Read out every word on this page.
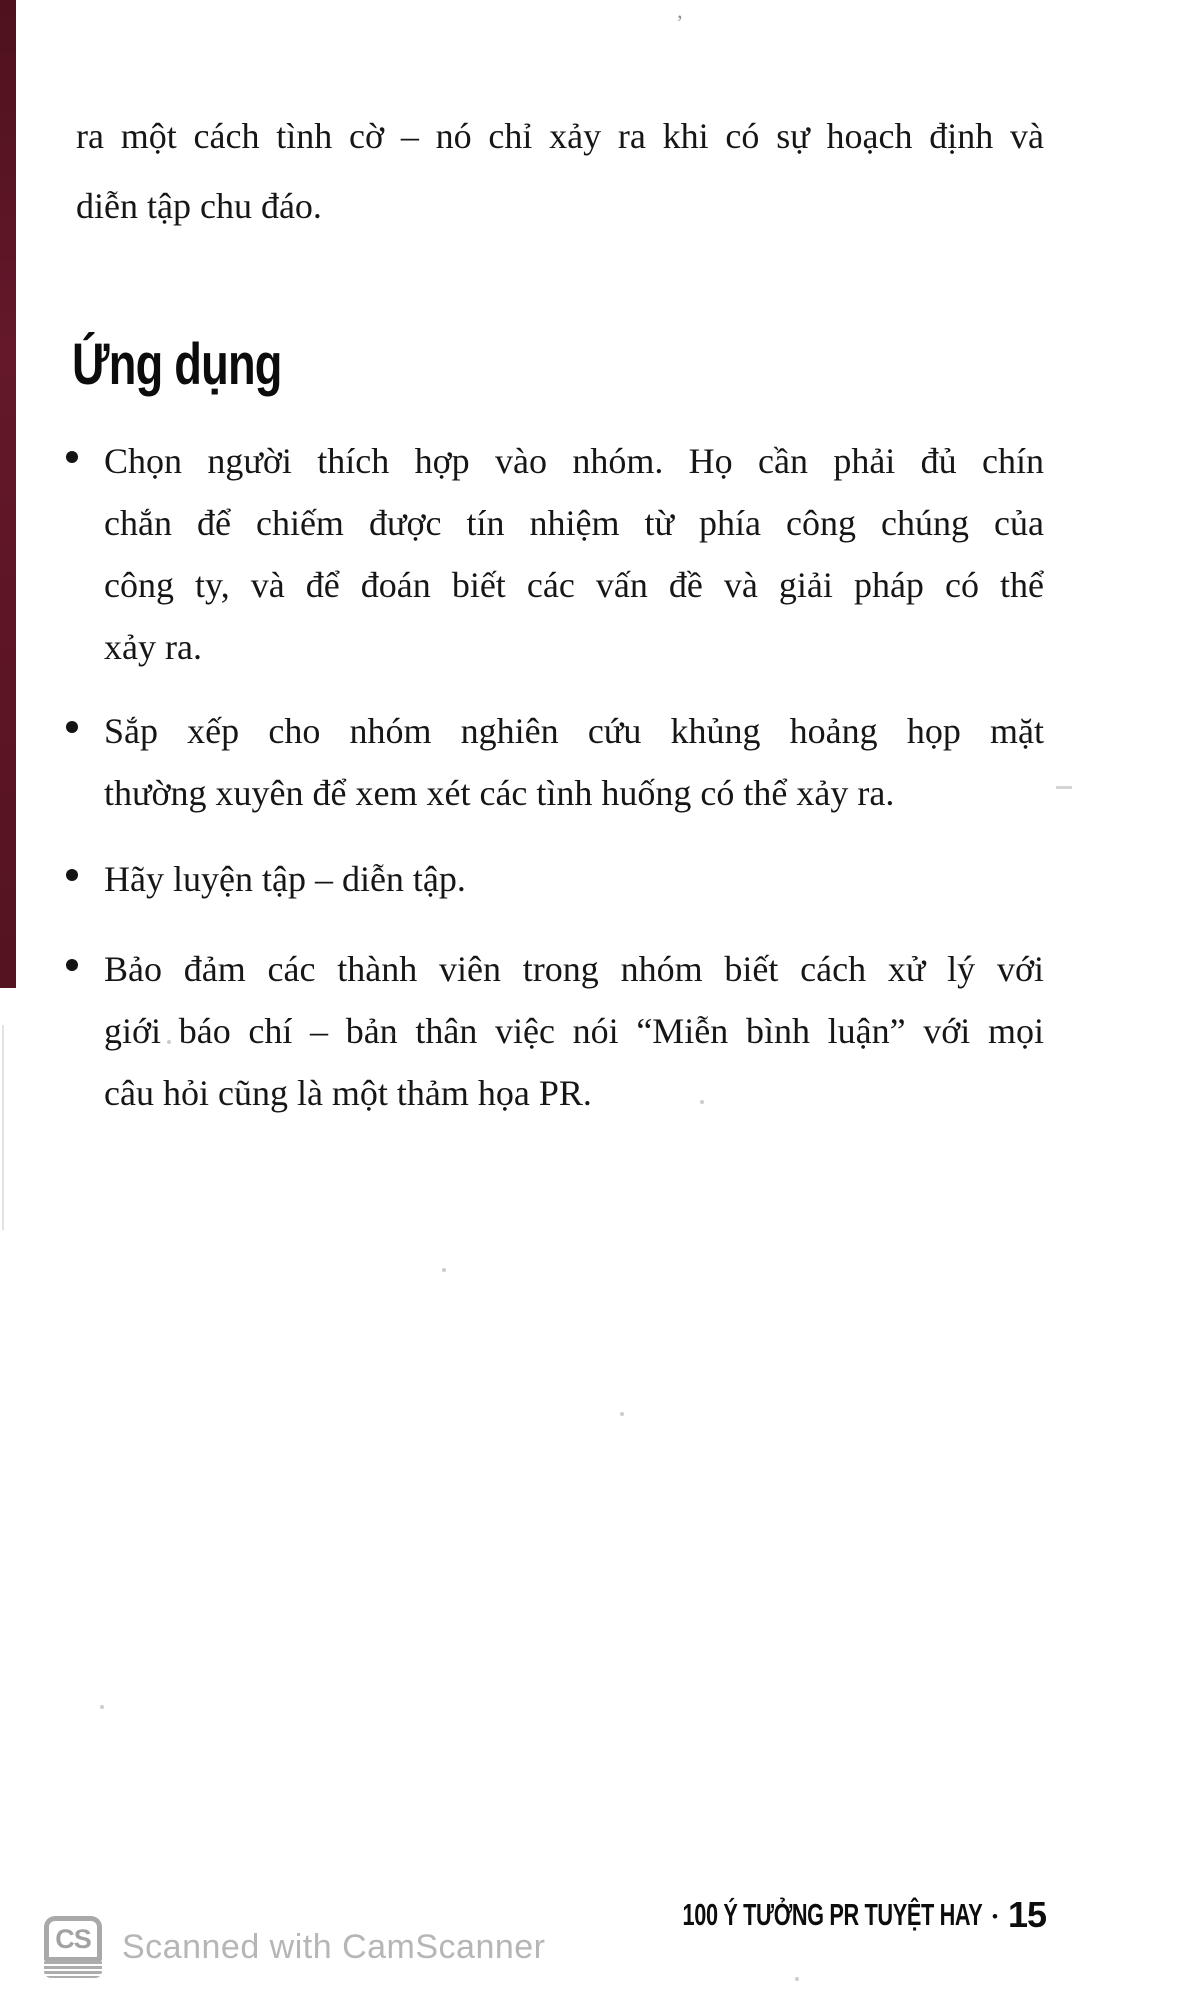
’
ra một cách tình cờ – nó chỉ xảy ra khi có sự hoạch định và
diễn tập chu đáo.
Ứng dụng
Chọn người thích hợp vào nhóm. Họ cần phải đủ chín
chắn để chiếm được tín nhiệm từ phía công chúng của
công ty, và để đoán biết các vấn đề và giải pháp có thể
xảy ra.
Sắp xếp cho nhóm nghiên cứu khủng hoảng họp mặt
thường xuyên để xem xét các tình huống có thể xảy ra.
Hãy luyện tập – diễn tập.
Bảo đảm các thành viên trong nhóm biết cách xử lý với
giới báo chí – bản thân việc nói “Miễn bình luận” với mọi
câu hỏi cũng là một thảm họa PR.
100 Ý TƯỞNG PR TUYỆT HAY • 15
CS Scanned with CamScanner
